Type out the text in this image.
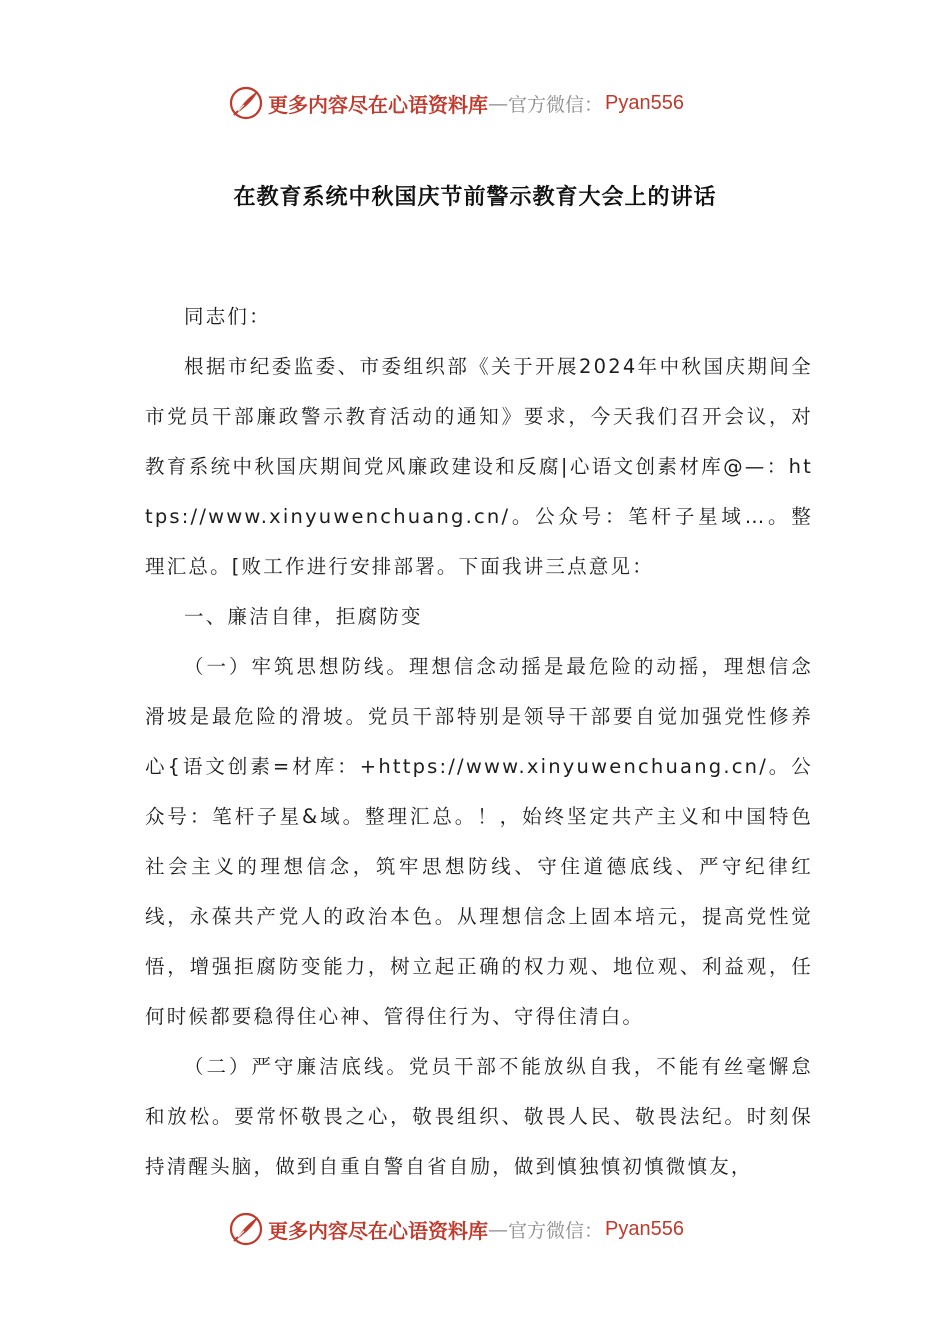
更多内容尽在心语资料库 — 官方微信： Pyan556
在教育系统中秋国庆节前警示教育大会上的讲话

同志们：

根据市纪委监委、市委组织部《关于开展2024年中秋国庆期间全市党员干部廉政警示教育活动的通知》要求，今天我们召开会议，对教育系统中秋国庆期间党风廉政建设和反腐|心语文创素材库@—：https://www.xinyuwenchuang.cn/。公众号：笔杆子星域…。整理汇总。[败工作进行安排部署。下面我讲三点意见：

一、廉洁自律，拒腐防变

（一）牢筑思想防线。理想信念动摇是最危险的动摇，理想信念滑坡是最危险的滑坡。党员干部特别是领导干部要自觉加强党性修养心{语文创素=材库：+https://www.xinyuwenchuang.cn/。公众号：笔杆子星&域。整理汇总。！，始终坚定共产主义和中国特色社会主义的理想信念，筑牢思想防线、守住道德底线、严守纪律红线，永葆共产党人的政治本色。从理想信念上固本培元，提高党性觉悟，增强拒腐防变能力，树立起正确的权力观、地位观、利益观，任何时候都要稳得住心神、管得住行为、守得住清白。

（二）严守廉洁底线。党员干部不能放纵自我，不能有丝毫懈怠和放松。要常怀敬畏之心，敬畏组织、敬畏人民、敬畏法纪。时刻保持清醒头脑，做到自重自警自省自励，做到慎独慎初慎微慎友，

更多内容尽在心语资料库 — 官方微信： Pyan556
